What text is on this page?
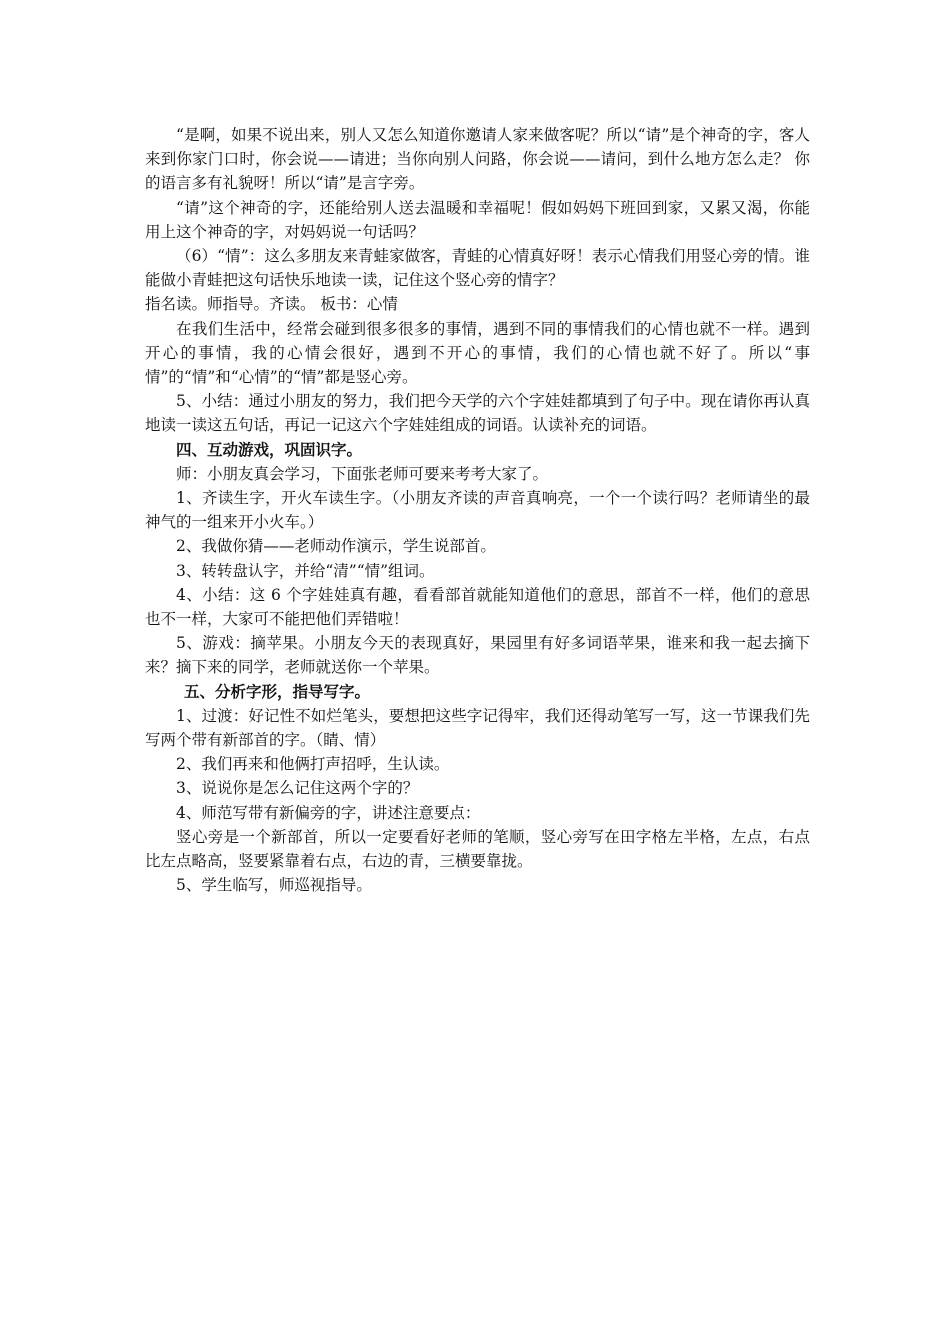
“是啊，如果不说出来，别人又怎么知道你邀请人家来做客呢？所以“请”是个神奇的字，客人来到你家门口时，你会说——请进；当你向别人问路，你会说——请问，到什么地方怎么走？ 你的语言多有礼貌呀！所以“请”是言字旁。

“请”这个神奇的字，还能给别人送去温暖和幸福呢！假如妈妈下班回到家，又累又渴，你能用上这个神奇的字，对妈妈说一句话吗？

（6）“情”：这么多朋友来青蛙家做客，青蛙的心情真好呀！表示心情我们用竖心旁的情。谁能做小青蛙把这句话快乐地读一读，记住这个竖心旁的情字？

指名读。师指导。齐读。 板书：心情

在我们生活中，经常会碰到很多很多的事情，遇到不同的事情我们的心情也就不一样。遇到开心的事情，我的心情会很好，遇到不开心的事情，我们的心情也就不好了。所以“事情”的“情”和“心情”的“情”都是竖心旁。

5、小结：通过小朋友的努力，我们把今天学的六个字娃娃都填到了句子中。现在请你再认真地读一读这五句话，再记一记这六个字娃娃组成的词语。认读补充的词语。

四、互动游戏，巩固识字。

师：小朋友真会学习，下面张老师可要来考考大家了。

1、齐读生字，开火车读生字。（小朋友齐读的声音真响亮，一个一个读行吗？老师请坐的最神气的一组来开小火车。）

2、我做你猜——老师动作演示，学生说部首。

3、转转盘认字，并给“清”“情”组词。

4、小结：这 6 个字娃娃真有趣，看看部首就能知道他们的意思，部首不一样，他们的意思也不一样，大家可不能把他们弄错啦！

5、游戏：摘苹果。小朋友今天的表现真好，果园里有好多词语苹果，谁来和我一起去摘下来？摘下来的同学，老师就送你一个苹果。

五、分析字形，指导写字。

1、过渡：好记性不如烂笔头，要想把这些字记得牢，我们还得动笔写一写，这一节课我们先写两个带有新部首的字。（睛、情）

2、我们再来和他俩打声招呼，生认读。

3、说说你是怎么记住这两个字的？

4、师范写带有新偏旁的字，讲述注意要点：

竖心旁是一个新部首，所以一定要看好老师的笔顺，竖心旁写在田字格左半格，左点，右点比左点略高，竖要紧靠着右点，右边的青，三横要靠拢。

5、学生临写，师巡视指导。
